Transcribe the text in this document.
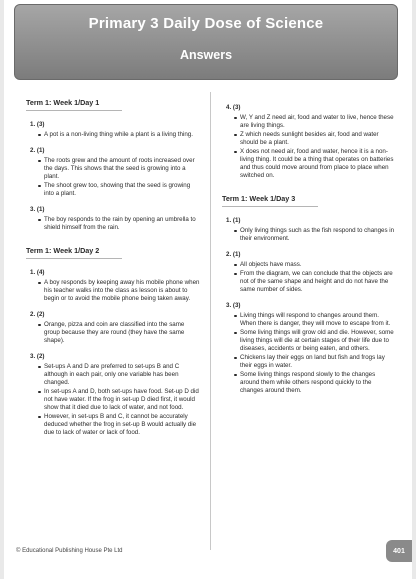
Primary 3 Daily Dose of Science
Answers
Term 1: Week 1/Day 1
1. (3)
A pot is a non-living thing while a plant is a living thing.
2. (1)
The roots grew and the amount of roots increased over the days. This shows that the seed is growing into a plant.
The shoot grew too, showing that the seed is growing into a plant.
3. (1)
The boy responds to the rain by opening an umbrella to shield himself from the rain.
Term 1: Week 1/Day 2
1. (4)
A boy responds by keeping away his mobile phone when his teacher walks into the class as lesson is about to begin or to avoid the mobile phone being taken away.
2. (2)
Orange, pizza and coin are classified into the same group because they are round (they have the same shape).
3. (2)
Set-ups A and D are preferred to set-ups B and C although in each pair, only one variable has been changed.
In set-ups A and D, both set-ups have food. Set-up D did not have water. If the frog in set-up D died first, it would show that it died due to lack of water, and not food.
However, in set-ups B and C, it cannot be accurately deduced whether the frog in set-up B would actually die due to lack of water or lack of food.
4. (3)
W, Y and Z need air, food and water to live, hence these are living things.
Z which needs sunlight besides air, food and water should be a plant.
X does not need air, food and water, hence it is a non-living thing. It could be a thing that operates on batteries and thus could move around from place to place when switched on.
Term 1: Week 1/Day 3
1. (1)
Only living things such as the fish respond to changes in their environment.
2. (1)
All objects have mass.
From the diagram, we can conclude that the objects are not of the same shape and height and do not have the same number of sides.
3. (3)
Living things will respond to changes around them. When there is danger, they will move to escape from it.
Some living things will grow old and die. However, some living things will die at certain stages of their life due to diseases, accidents or being eaten, and others.
Chickens lay their eggs on land but fish and frogs lay their eggs in water.
Some living things respond slowly to the changes around them while others respond quickly to the changes around them.
© Educational Publishing House Pte Ltd	401
